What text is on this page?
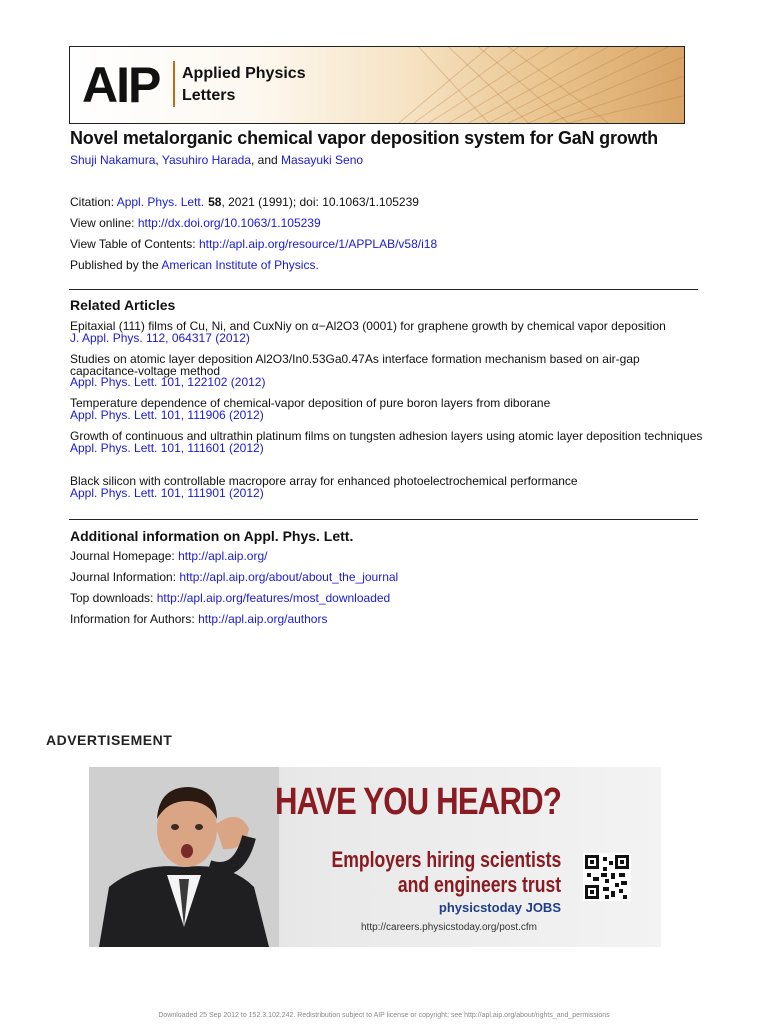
AIP Applied Physics
Letters
Novel metalorganic chemical vapor deposition system for GaN growth
Shuji Nakamura, Yasuhiro Harada, and Masayuki Seno
Citation: Appl. Phys. Lett. 58, 2021 (1991); doi: 10.1063/1.105239
View online: http://dx.doi.org/10.1063/1.105239
View Table of Contents: http://apl.aip.org/resource/1/APPLAB/v58/i18
Published by the American Institute of Physics.
Related Articles
Epitaxial (111) films of Cu, Ni, and CuxNiy on α−Al2O3 (0001) for graphene growth by chemical vapor deposition
J. Appl. Phys. 112, 064317 (2012)
Studies on atomic layer deposition Al2O3/In0.53Ga0.47As interface formation mechanism based on air-gap capacitance-voltage method
Appl. Phys. Lett. 101, 122102 (2012)
Temperature dependence of chemical-vapor deposition of pure boron layers from diborane
Appl. Phys. Lett. 101, 111906 (2012)
Growth of continuous and ultrathin platinum films on tungsten adhesion layers using atomic layer deposition techniques
Appl. Phys. Lett. 101, 111601 (2012)
Black silicon with controllable macropore array for enhanced photoelectrochemical performance
Appl. Phys. Lett. 101, 111901 (2012)
Additional information on Appl. Phys. Lett.
Journal Homepage: http://apl.aip.org/
Journal Information: http://apl.aip.org/about/about_the_journal
Top downloads: http://apl.aip.org/features/most_downloaded
Information for Authors: http://apl.aip.org/authors
ADVERTISEMENT
HAVE YOU HEARD?
Employers hiring scientists
and engineers trust
physicstoday JOBS
http://careers.physicstoday.org/post.cfm
Downloaded 25 Sep 2012 to 152.3.102.242. Redistribution subject to AIP license or copyright; see http://apl.aip.org/about/rights_and_permissions
